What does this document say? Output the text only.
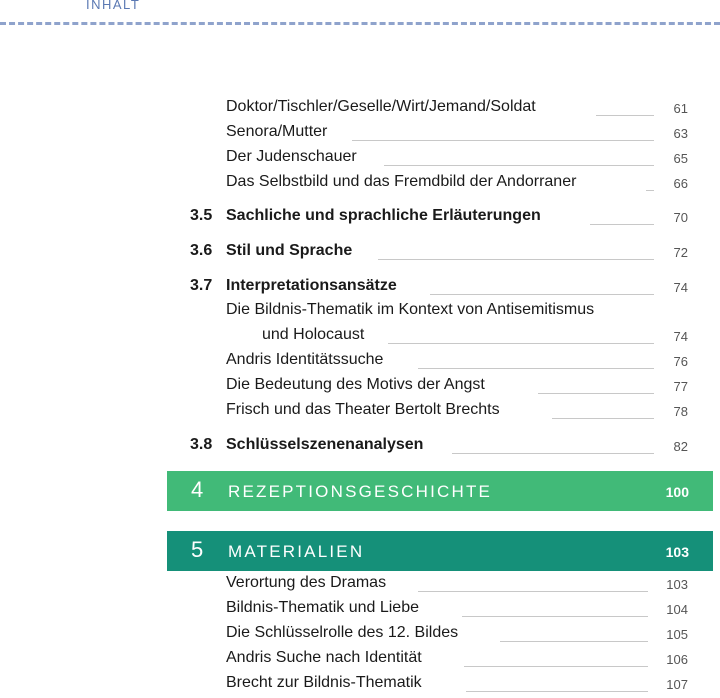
INHALT
Doktor/Tischler/Geselle/Wirt/Jemand/Soldat	61
Senora/Mutter	63
Der Judenschauer	65
Das Selbstbild und das Fremdbild der Andorraner	66
3.5 Sachliche und sprachliche Erläuterungen	70
3.6 Stil und Sprache	72
3.7 Interpretationsansätze	74
Die Bildnis-Thematik im Kontext von Antisemitismus
und Holocaust	74
Andris Identitätssuche	76
Die Bedeutung des Motivs der Angst	77
Frisch und das Theater Bertolt Brechts	78
3.8 Schlüsselszenenanalysen	82
4 REZEPTIONSGESCHICHTE	100
5 MATERIALIEN	103
Verortung des Dramas	103
Bildnis-Thematik und Liebe	104
Die Schlüsselrolle des 12. Bildes	105
Andris Suche nach Identität	106
Brecht zur Bildnis-Thematik	107
